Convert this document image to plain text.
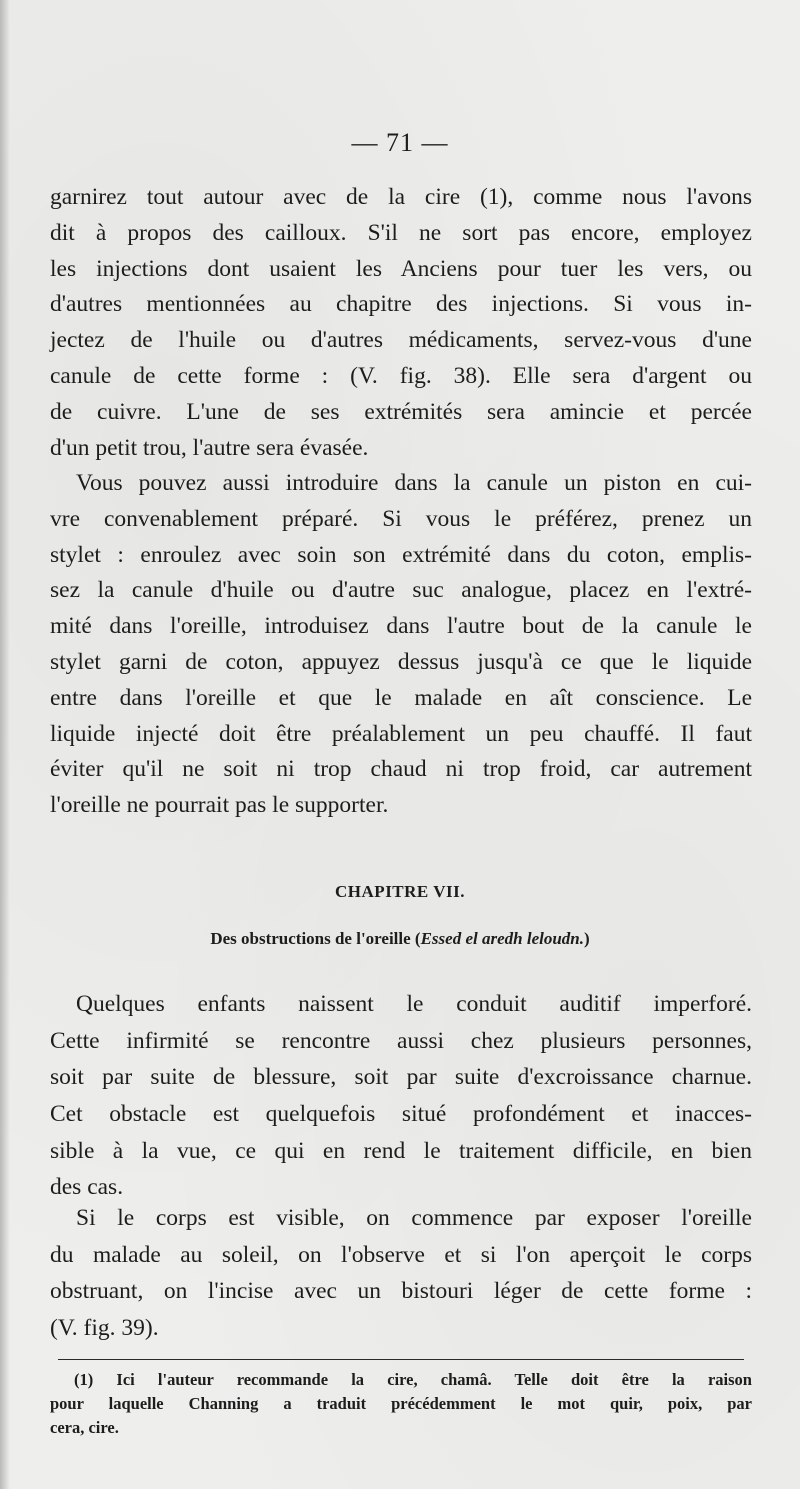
— 71 —
garnirez tout autour avec de la cire (1), comme nous l'avons
dit à propos des cailloux. S'il ne sort pas encore, employez
les injections dont usaient les Anciens pour tuer les vers, ou
d'autres mentionnées au chapitre des injections. Si vous in-
jectez de l'huile ou d'autres médicaments, servez-vous d'une
canule de cette forme : (V. fig. 38). Elle sera d'argent ou
de cuivre. L'une de ses extrémités sera amincie et percée
d'un petit trou, l'autre sera évasée.
Vous pouvez aussi introduire dans la canule un piston en cui-
vre convenablement préparé. Si vous le préférez, prenez un
stylet : enroulez avec soin son extrémité dans du coton, emplis-
sez la canule d'huile ou d'autre suc analogue, placez en l'extré-
mité dans l'oreille, introduisez dans l'autre bout de la canule le
stylet garni de coton, appuyez dessus jusqu'à ce que le liquide
entre dans l'oreille et que le malade en aît conscience. Le
liquide injecté doit être préalablement un peu chauffé. Il faut
éviter qu'il ne soit ni trop chaud ni trop froid, car autrement
l'oreille ne pourrait pas le supporter.
CHAPITRE VII.
Des obstructions de l'oreille (Essed el aredh leloudn.)
Quelques enfants naissent le conduit auditif imperforé.
Cette infirmité se rencontre aussi chez plusieurs personnes,
soit par suite de blessure, soit par suite d'excroissance charnue.
Cet obstacle est quelquefois situé profondément et inacces-
sible à la vue, ce qui en rend le traitement difficile, en bien
des cas.
Si le corps est visible, on commence par exposer l'oreille
du malade au soleil, on l'observe et si l'on aperçoit le corps
obstruant, on l'incise avec un bistouri léger de cette forme :
(V. fig. 39).
(1) Ici l'auteur recommande la cire, chamâ. Telle doit être la raison
pour laquelle Channing a traduit précédemment le mot quir, poix, par
cera, cire.
